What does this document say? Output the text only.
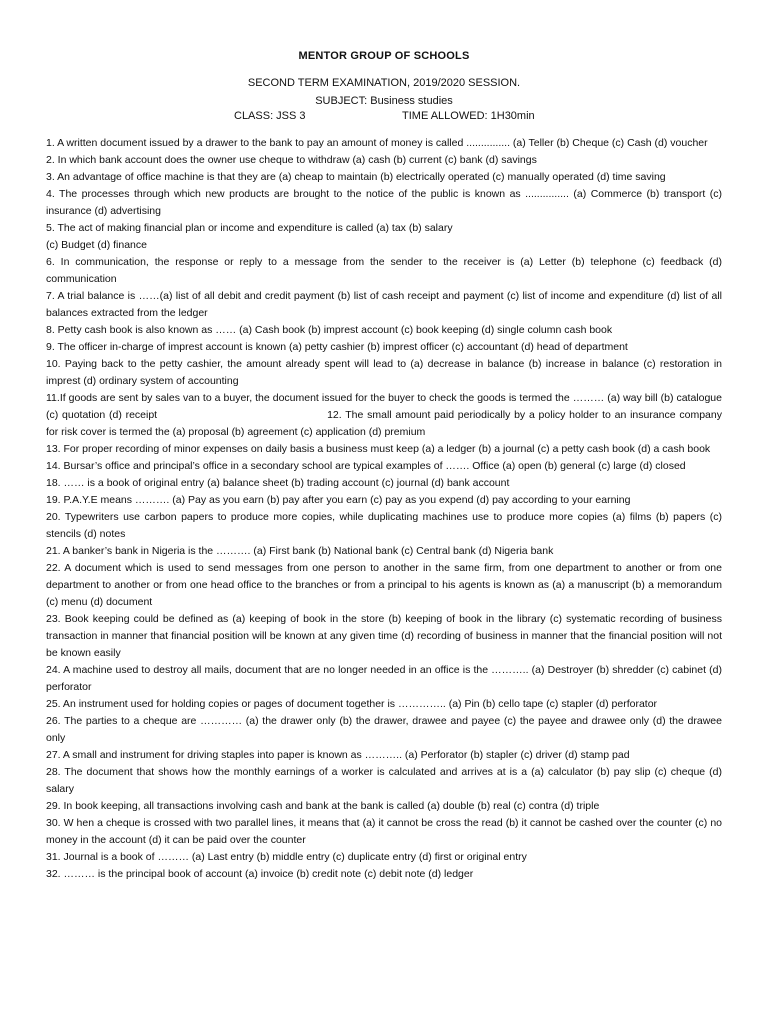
MENTOR GROUP OF SCHOOLS
SECOND TERM EXAMINATION, 2019/2020 SESSION.
SUBJECT: Business studies
CLASS: JSS 3	TIME ALLOWED: 1H30min

1. A written document issued by a drawer to the bank to pay an amount of money is called ............... (a) Teller (b) Cheque (c) Cash (d) voucher

2. In which bank account does the owner use cheque to withdraw (a) cash (b) current (c) bank (d) savings

3. An advantage of office machine is that they are (a) cheap to maintain (b) electrically operated (c) manually operated (d) time saving

4. The processes through which new products are brought to the notice of the public is known as ............... (a) Commerce (b) transport (c) insurance (d) advertising

5. The act of making financial plan or income and expenditure is called (a) tax (b) salary

(c) Budget (d) finance

6. In communication, the response or reply to a message from the sender to the receiver is (a) Letter (b) telephone (c) feedback (d) communication

7. A trial balance is ……(a) list of all debit and credit payment (b) list of cash receipt and payment (c) list of income and expenditure (d) list of all balances extracted from the ledger

8. Petty cash book is also known as …… (a) Cash book (b) imprest account (c) book keeping (d) single column cash book

9. The officer in-charge of imprest account is known (a) petty cashier (b) imprest officer (c) accountant (d) head of department

10. Paying back to the petty cashier, the amount already spent will lead to (a) decrease in balance (b) increase in balance (c) restoration in imprest (d) ordinary system of accounting

11.If goods are sent by sales van to a buyer, the document issued for the buyer to check the goods is termed the ……… (a) way bill (b) catalogue (c) quotation (d) receipt	12. The small amount paid periodically by a policy holder to an insurance company for risk cover is termed the (a) proposal (b) agreement (c) application (d) premium

13. For proper recording of minor expenses on daily basis a business must keep (a) a ledger (b) a journal (c) a petty cash book (d) a cash book

14. Bursar’s office and principal’s office in a secondary school are typical examples of ……. Office (a) open (b) general (c) large (d) closed

18. …… is a book of original entry (a) balance sheet (b) trading account (c) journal (d) bank account

19. P.A.Y.E means ………. (a) Pay as you earn (b) pay after you earn (c) pay as you expend (d) pay according to your earning

20. Typewriters use carbon papers to produce more copies, while duplicating machines use to produce more copies (a) films (b) papers (c) stencils (d) notes

21. A banker’s bank in Nigeria is the ………. (a) First bank (b) National bank (c) Central bank (d) Nigeria bank

22. A document which is used to send messages from one person to another in the same firm, from one department to another or from one department to another or from one head office to the branches or from a principal to his agents is known as (a) a manuscript (b) a memorandum (c) menu (d) document

23. Book keeping could be defined as (a) keeping of book in the store (b) keeping of book in the library (c) systematic recording of business transaction in manner that financial position will be known at any given time (d) recording of business in manner that the financial position will not be known easily

24. A machine used to destroy all mails, document that are no longer needed in an office is the ……….. (a) Destroyer (b) shredder (c) cabinet (d) perforator

25. An instrument used for holding copies or pages of document together is ………….. (a) Pin (b) cello tape (c) stapler (d) perforator

26. The parties to a cheque are ………… (a) the drawer only (b) the drawer, drawee and payee (c) the payee and drawee only (d) the drawee only

27. A small and instrument for driving staples into paper is known as ……….. (a) Perforator (b) stapler (c) driver (d) stamp pad

28. The document that shows how the monthly earnings of a worker is calculated and arrives at is a (a) calculator (b) pay slip (c) cheque (d) salary

29. In book keeping, all transactions involving cash and bank at the bank is called (a) double (b) real (c) contra (d) triple

30. W hen a cheque is crossed with two parallel lines, it means that (a) it cannot be cross the read (b) it cannot be cashed over the counter (c) no money in the account (d) it can be paid over the counter

31. Journal is a book of ……… (a) Last entry (b) middle entry (c) duplicate entry (d) first or original entry

32. ……… is the principal book of account (a) invoice (b) credit note (c) debit note (d) ledger
